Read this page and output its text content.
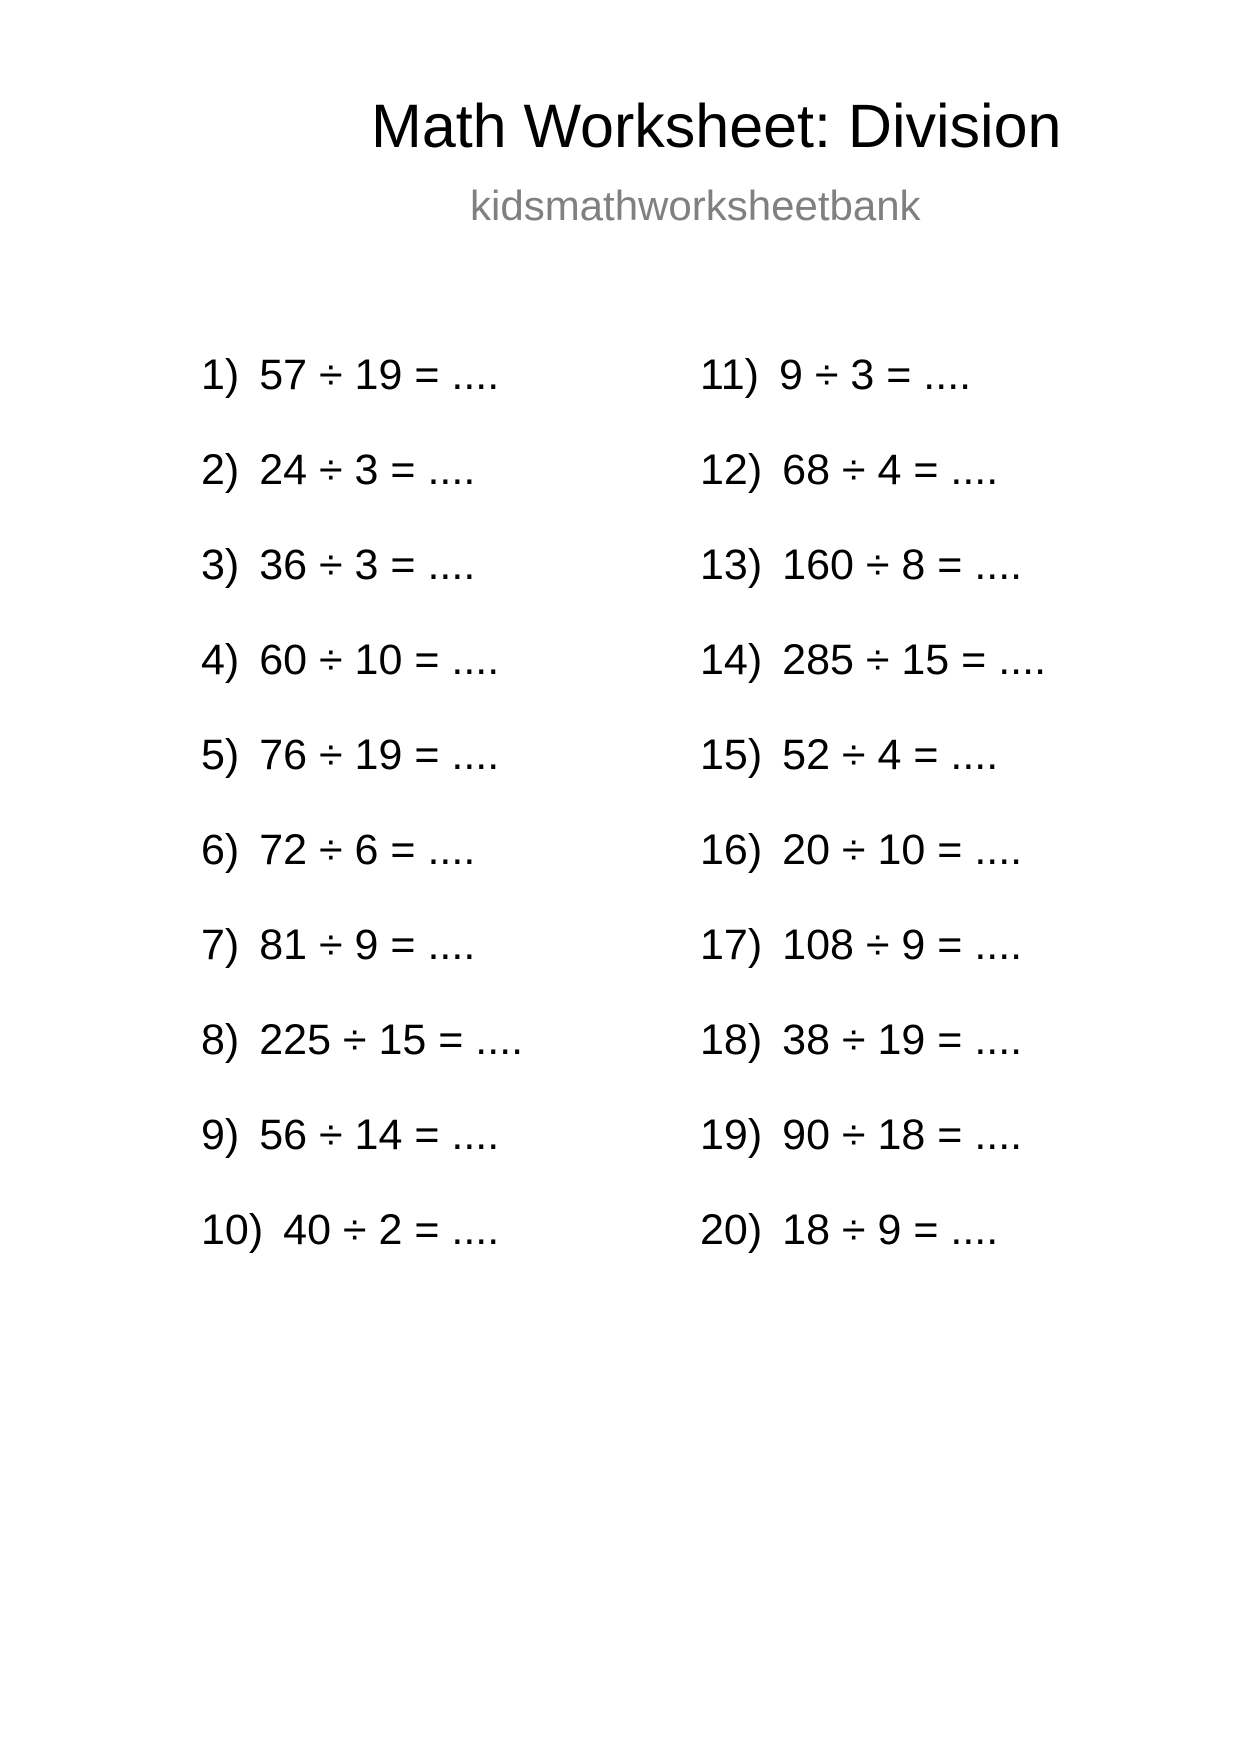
Math Worksheet: Division
kidsmathworksheetbank
1) 57 ÷ 19 = ....
2) 24 ÷ 3 = ....
3) 36 ÷ 3 = ....
4) 60 ÷ 10 = ....
5) 76 ÷ 19 = ....
6) 72 ÷ 6 = ....
7) 81 ÷ 9 = ....
8) 225 ÷ 15 = ....
9) 56 ÷ 14 = ....
10) 40 ÷ 2 = ....
11) 9 ÷ 3 = ....
12) 68 ÷ 4 = ....
13) 160 ÷ 8 = ....
14) 285 ÷ 15 = ....
15) 52 ÷ 4 = ....
16) 20 ÷ 10 = ....
17) 108 ÷ 9 = ....
18) 38 ÷ 19 = ....
19) 90 ÷ 18 = ....
20) 18 ÷ 9 = ....
